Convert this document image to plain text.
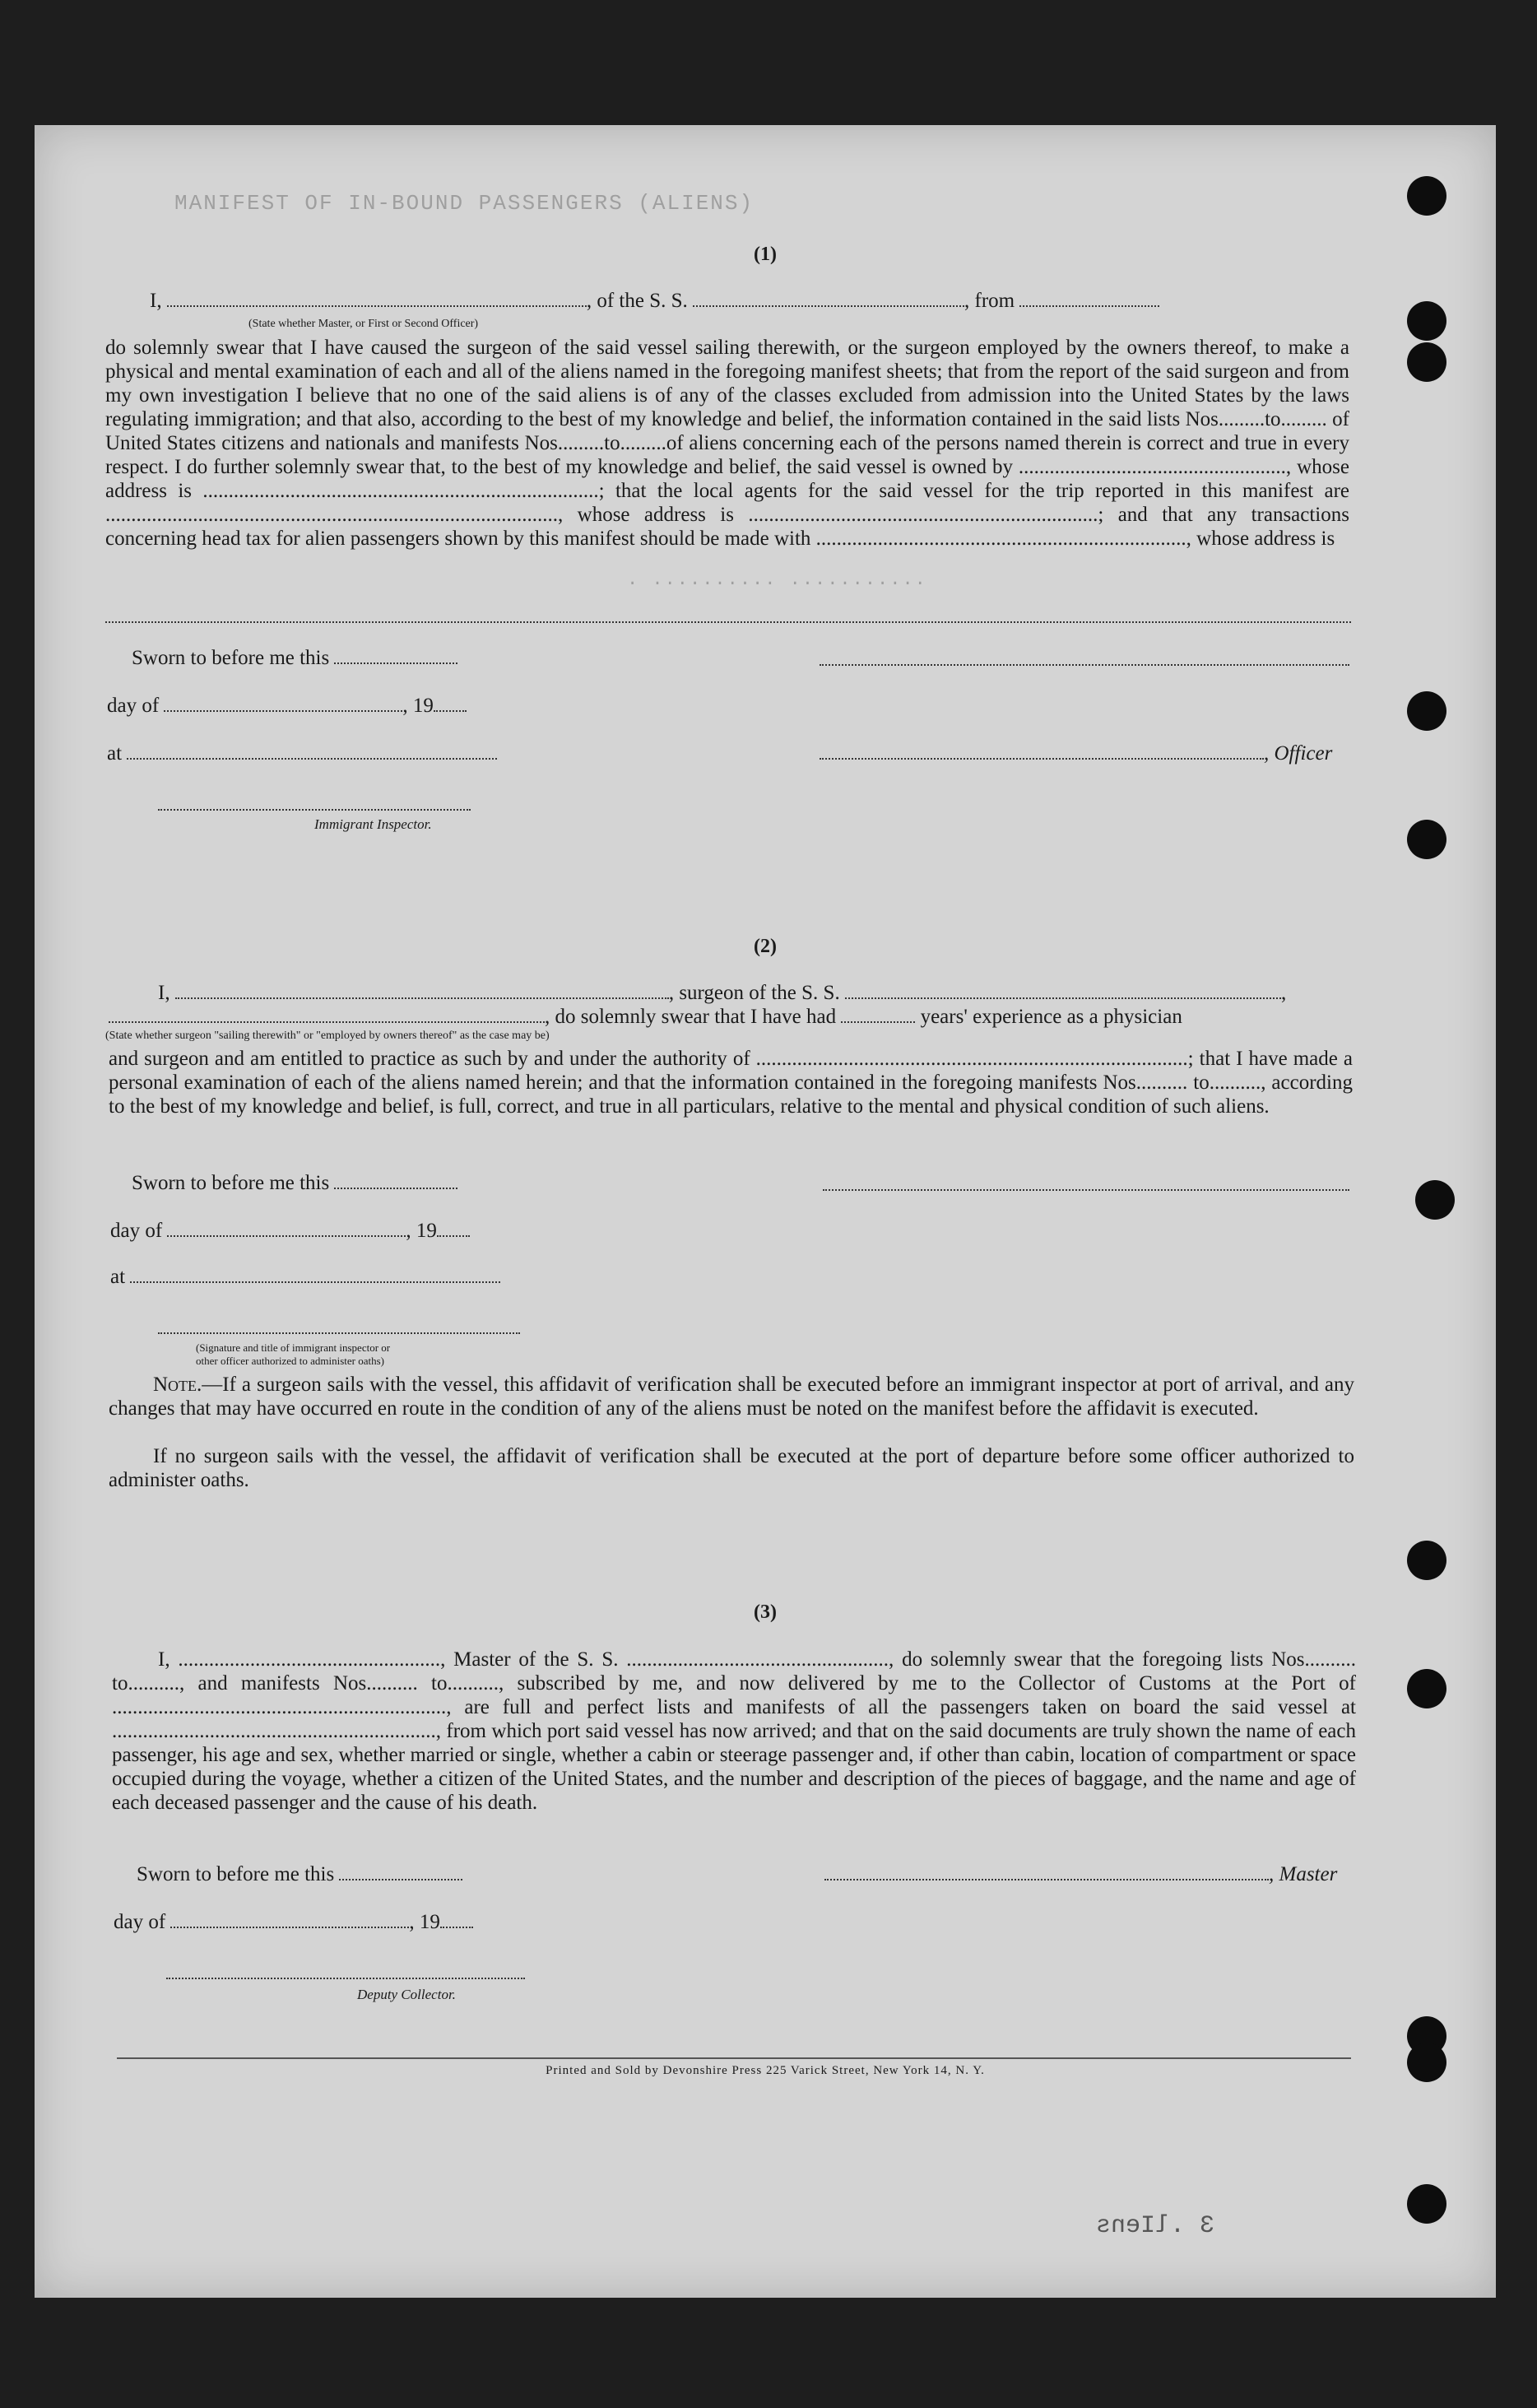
MANIFEST OF IN-BOUND PASSENGERS (ALIENS)
. .......... ...........
(1)
I,	, of the S. S.	, from
(State whether Master, or First or Second Officer)
do solemnly swear that I have caused the surgeon of the said vessel sailing therewith, or the surgeon employed by the owners thereof, to make a physical and mental examination of each and all of the aliens named in the foregoing manifest sheets; that from the report of the said surgeon and from my own investigation I believe that no one of the said aliens is of any of the classes excluded from admission into the United States by the laws regulating immigration; and that also, according to the best of my knowledge and belief, the information contained in the said lists Nos.........to......... of United States citizens and nationals and manifests Nos.........to.........of aliens concerning each of the persons named therein is correct and true in every respect. I do further solemnly swear that, to the best of my knowledge and belief, the said vessel is owned by ...................................................., whose address is .............................................................................; that the local agents for the said vessel for the trip reported in this manifest are ........................................................................................, whose address is ....................................................................; and that any transactions concerning head tax for alien passengers shown by this manifest should be made with ........................................................................, whose address is
Sworn to before me this
day of	, 19
at	, Officer
Immigrant Inspector.
(2)
I,	, surgeon of the S. S.	,
, do solemnly swear that I have had	years' experience as a physician
(State whether surgeon "sailing therewith" or "employed by owners thereof" as the case may be)
and surgeon and am entitled to practice as such by and under the authority of ....................................................................................; that I have made a personal examination of each of the aliens named herein; and that the information contained in the foregoing manifests Nos.......... to.........., according to the best of my knowledge and belief, is full, correct, and true in all particulars, relative to the mental and physical condition of such aliens.
Sworn to before me this
day of	, 19
at
(Signature and title of immigrant inspector or
other officer authorized to administer oaths)
Note.—If a surgeon sails with the vessel, this affidavit of verification shall be executed before an immigrant inspector at port of arrival, and any changes that may have occurred en route in the condition of any of the aliens must be noted on the manifest before the affidavit is executed.
If no surgeon sails with the vessel, the affidavit of verification shall be executed at the port of departure before some officer authorized to administer oaths.
(3)
I, ..................................................., Master of the S. S. ..................................................., do solemnly swear that the foregoing lists Nos.......... to.........., and manifests Nos.......... to.........., subscribed by me, and now delivered by me to the Collector of Customs at the Port of ................................................................., are full and perfect lists and manifests of all the passengers taken on board the said vessel at ..............................................................., from which port said vessel has now arrived; and that on the said documents are truly shown the name of each passenger, his age and sex, whether married or single, whether a cabin or steerage passenger and, if other than cabin, location of compartment or space occupied during the voyage, whether a citizen of the United States, and the number and description of the pieces of baggage, and the name and age of each deceased passenger and the cause of his death.
Sworn to before me this	, Master
day of	, 19
Deputy Collector.
Printed and Sold by Devonshire Press 225 Varick Street, New York 14, N. Y.
3 .lIens
